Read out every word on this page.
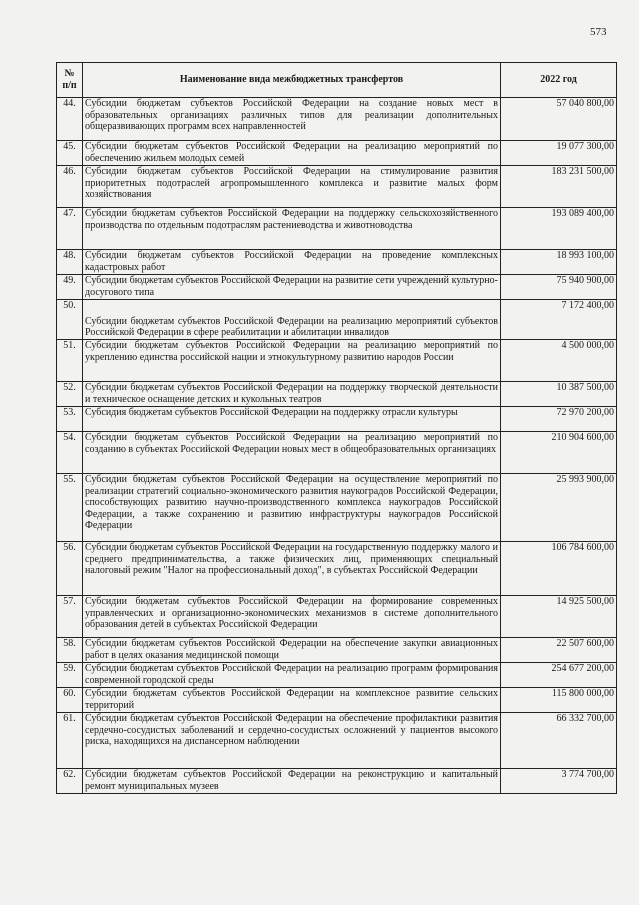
573
№ п/п	Наименование вида межбюджетных трансфертов	2022 год
44.	Субсидии бюджетам субъектов Российской Федерации на создание новых мест в образовательных организациях различных типов для реализации дополнительных общеразвивающих программ всех направленностей	57 040 800,00
45.	Субсидии бюджетам субъектов Российской Федерации на реализацию мероприятий по обеспечению жильем молодых семей	19 077 300,00
46.	Субсидии бюджетам субъектов Российской Федерации на стимулирование развития приоритетных подотраслей агропромышленного комплекса и развитие малых форм хозяйствования	183 231 500,00
47.	Субсидии бюджетам субъектов Российской Федерации на поддержку сельскохозяйственного производства по отдельным подотраслям растениеводства и животноводства	193 089 400,00
48.	Субсидии бюджетам субъектов Российской Федерации на проведение комплексных кадастровых работ	18 993 100,00
49.	Субсидии бюджетам субъектов Российской Федерации на развитие сети учреждений культурно-досугового типа	75 940 900,00
50.	Субсидии бюджетам субъектов Российской Федерации на реализацию мероприятий субъектов Российской Федерации в сфере реабилитации и абилитации инвалидов	7 172 400,00
51.	Субсидии бюджетам субъектов Российской Федерации на реализацию мероприятий по укреплению единства российской нации и этнокультурному развитию народов России	4 500 000,00
52.	Субсидии бюджетам субъектов Российской Федерации на поддержку творческой деятельности и техническое оснащение детских и кукольных театров	10 387 500,00
53.	Субсидия бюджетам субъектов Российской Федерации на поддержку отрасли культуры	72 970 200,00
54.	Субсидии бюджетам субъектов Российской Федерации на реализацию мероприятий по созданию в субъектах Российской Федерации новых мест в общеобразовательных организациях	210 904 600,00
55.	Субсидии бюджетам субъектов Российской Федерации на осуществление мероприятий по реализации стратегий социально-экономического развития наукоградов Российской Федерации, способствующих развитию научно-производственного комплекса наукоградов Российской Федерации, а также сохранению и развитию инфраструктуры наукоградов Российской Федерации	25 993 900,00
56.	Субсидии бюджетам субъектов Российской Федерации на государственную поддержку малого и среднего предпринимательства, а также физических лиц, применяющих специальный налоговый режим "Налог на профессиональный доход", в субъектах Российской Федерации	106 784 600,00
57.	Субсидии бюджетам субъектов Российской Федерации на формирование современных управленческих и организационно-экономических механизмов в системе дополнительного образования детей в субъектах Российской Федерации	14 925 500,00
58.	Субсидии бюджетам субъектов Российской Федерации на обеспечение закупки авиационных работ в целях оказания медицинской помощи	22 507 600,00
59.	Субсидии бюджетам субъектов Российской Федерации на реализацию программ формирования современной городской среды	254 677 200,00
60.	Субсидии бюджетам субъектов Российской Федерации на комплексное развитие сельских территорий	115 800 000,00
61.	Субсидии бюджетам субъектов Российской Федерации на обеспечение профилактики развития сердечно-сосудистых заболеваний и сердечно-сосудистых осложнений у пациентов высокого риска, находящихся на диспансерном наблюдении	66 332 700,00
62.	Субсидии бюджетам субъектов Российской Федерации на реконструкцию и капитальный ремонт муниципальных музеев	3 774 700,00
